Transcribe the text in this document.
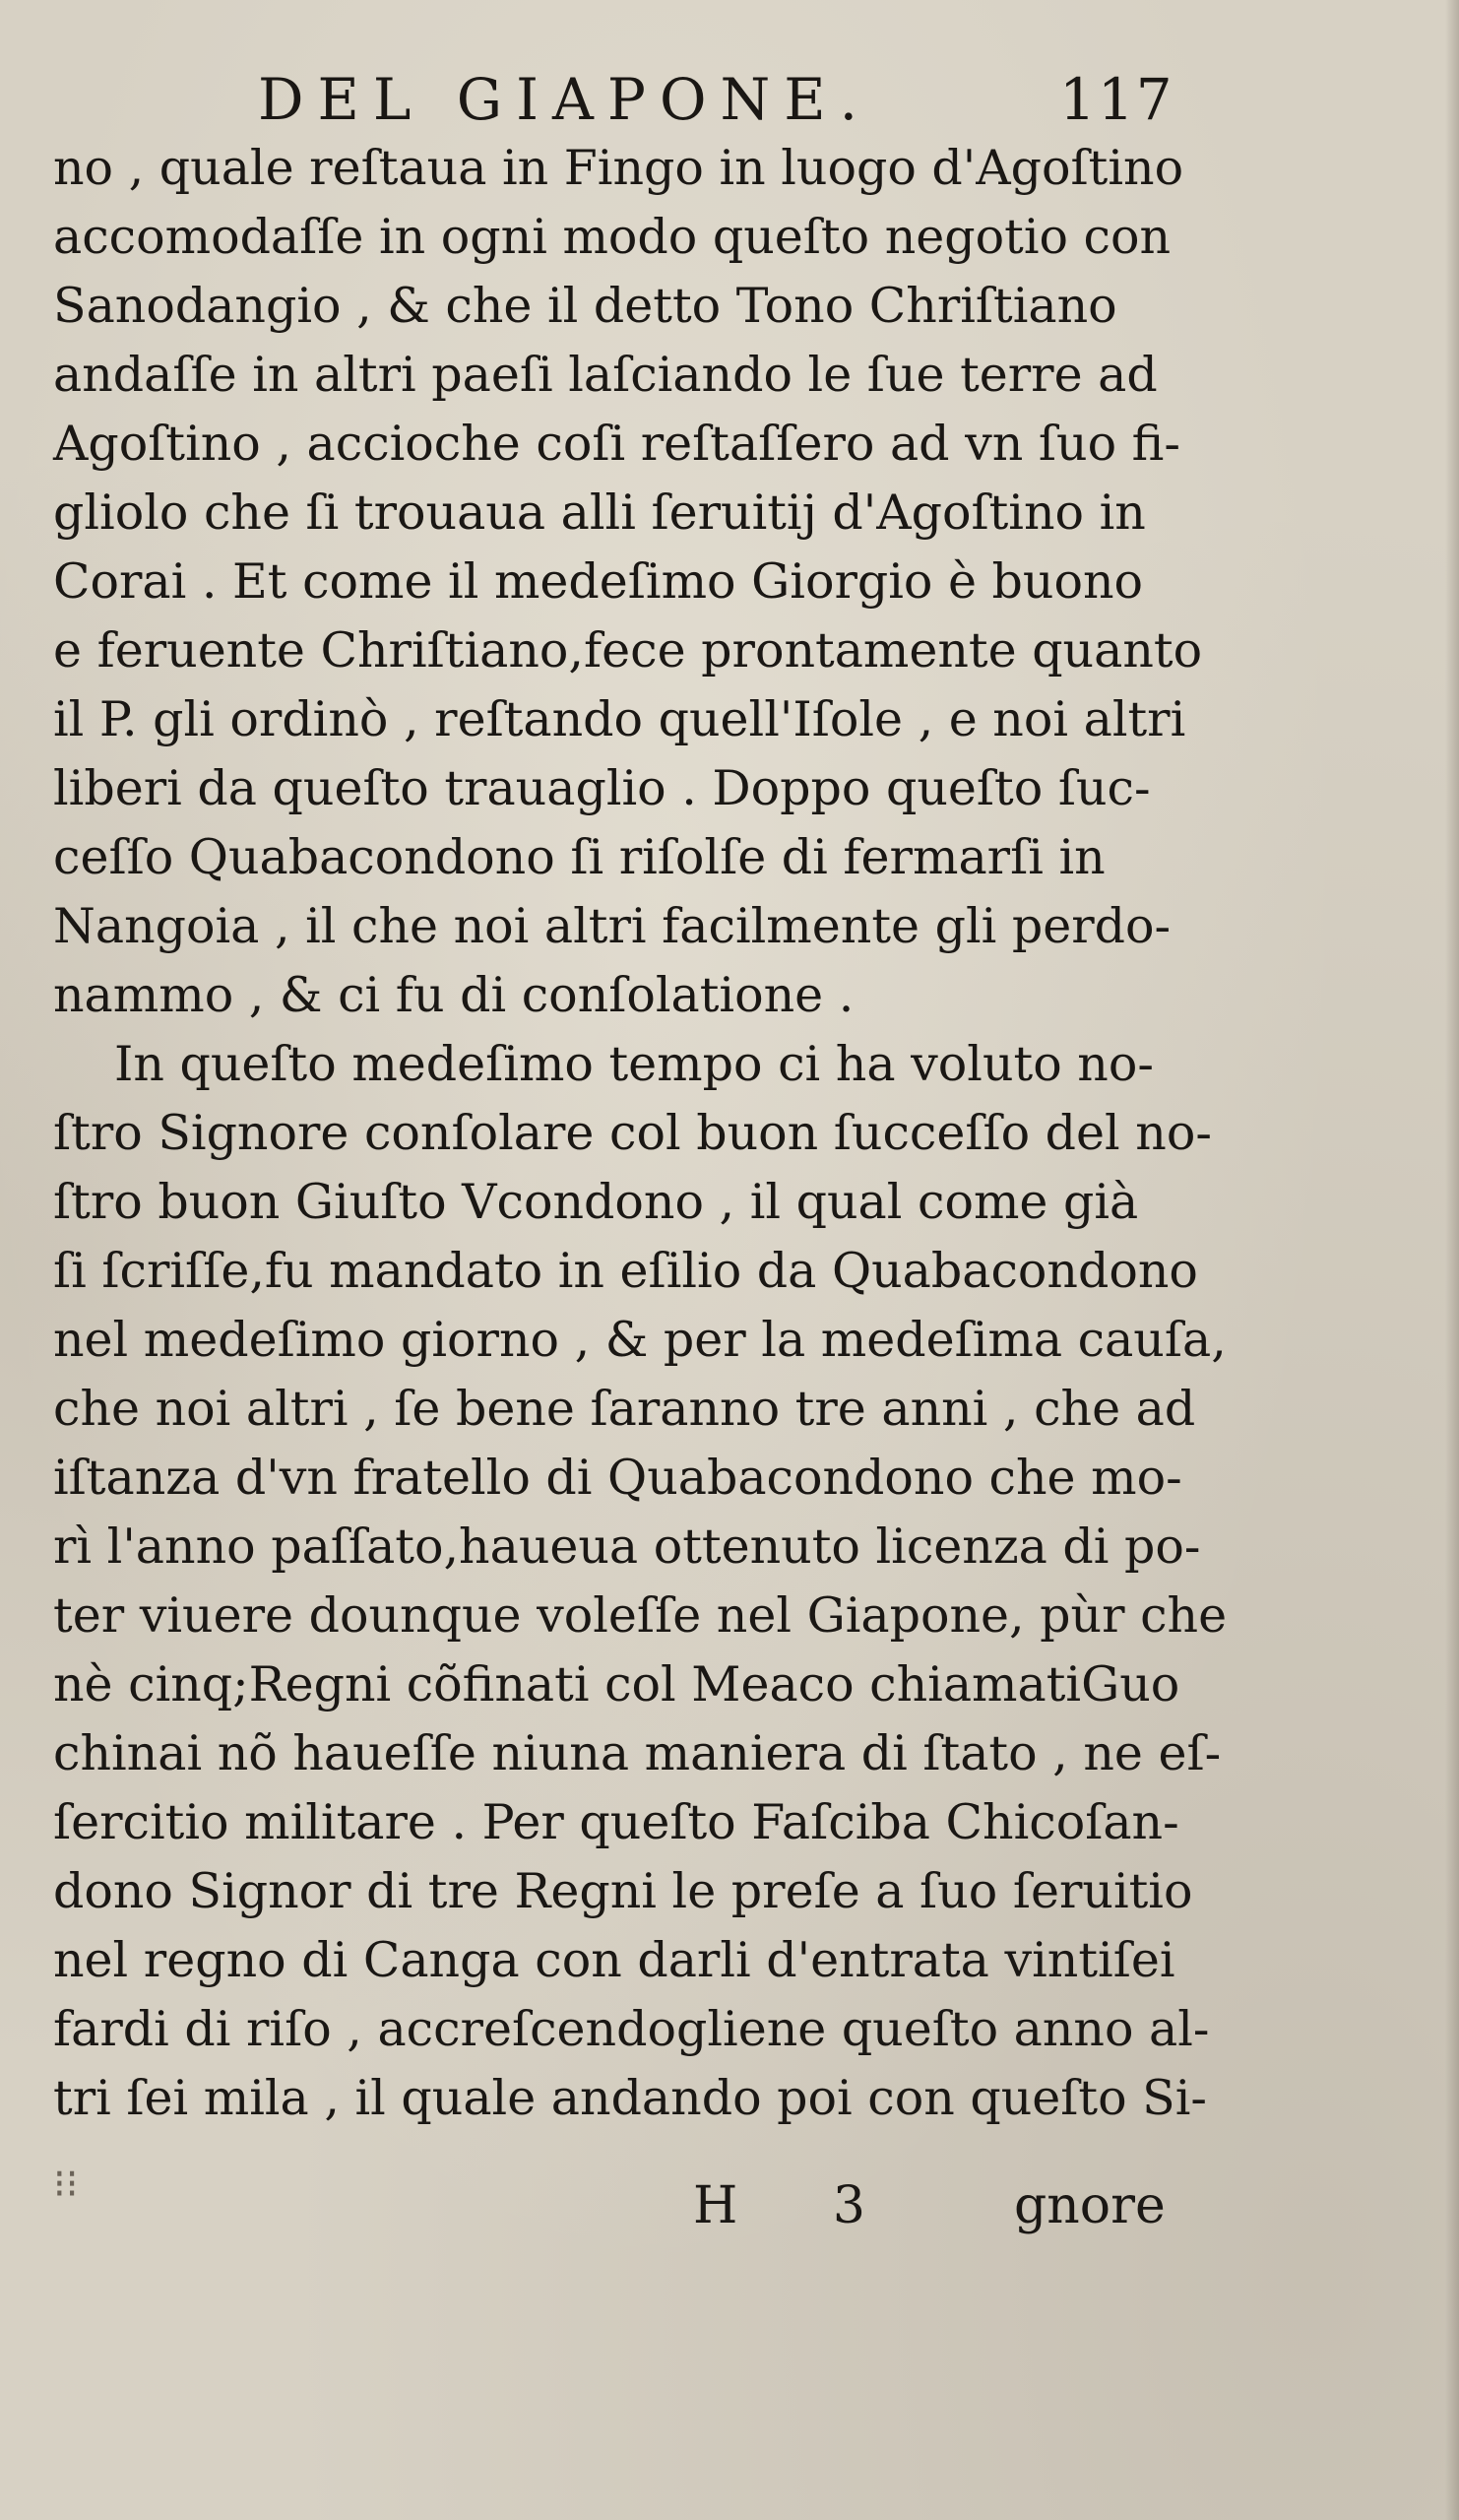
DEL GIAPONE.	117
no , quale reſtaua in Fingo in luogo d'Agoſtino
accomodaſſe in ogni modo queſto negotio con
Sanodangio , & che il detto Tono Chriſtiano
andaſſe in altri paeſi laſciando le ſue terre ad
Agoſtino , accioche coſi reſtaſſero ad vn ſuo fi-
gliolo che ſi trouaua alli ſeruitij d'Agoſtino in
Corai . Et come il medeſimo Giorgio è buono
e feruente Chriſtiano,fece prontamente quanto
il P. gli ordinò , reſtando quell'Iſole , e noi altri
liberi da queſto trauaglio . Doppo queſto ſuc-
ceſſo Quabacondono ſi riſolſe di fermarſi in
Nangoia , il che noi altri facilmente gli perdo-
nammo , & ci fu di conſolatione .
In queſto medeſimo tempo ci ha voluto no-
ſtro Signore conſolare col buon ſucceſſo del no-
ſtro buon Giuſto Vcondono , il qual come già
ſi ſcriſſe,fu mandato in eſilio da Quabacondono
nel medeſimo giorno , & per la medeſima cauſa,
che noi altri , ſe bene ſaranno tre anni , che ad
iſtanza d'vn fratello di Quabacondono che mo-
rì l'anno paſſato,haueua ottenuto licenza di po-
ter viuere dounque voleſſe nel Giapone, pùr che
nè cinq;Regni cõfinati col Meaco chiamatiGuo
chinai nõ haueſſe niuna maniera di ſtato , ne eſ-
ſercitio militare . Per queſto Faſciba Chicoſan-
dono Signor di tre Regni le preſe a ſuo ſeruitio
nel regno di Canga con darli d'entrata vintiſei
fardi di riſo , accreſcendogliene queſto anno al-
tri ſei mila , il quale andando poi con queſto Si-
⁝⁝	H 3 gnore
